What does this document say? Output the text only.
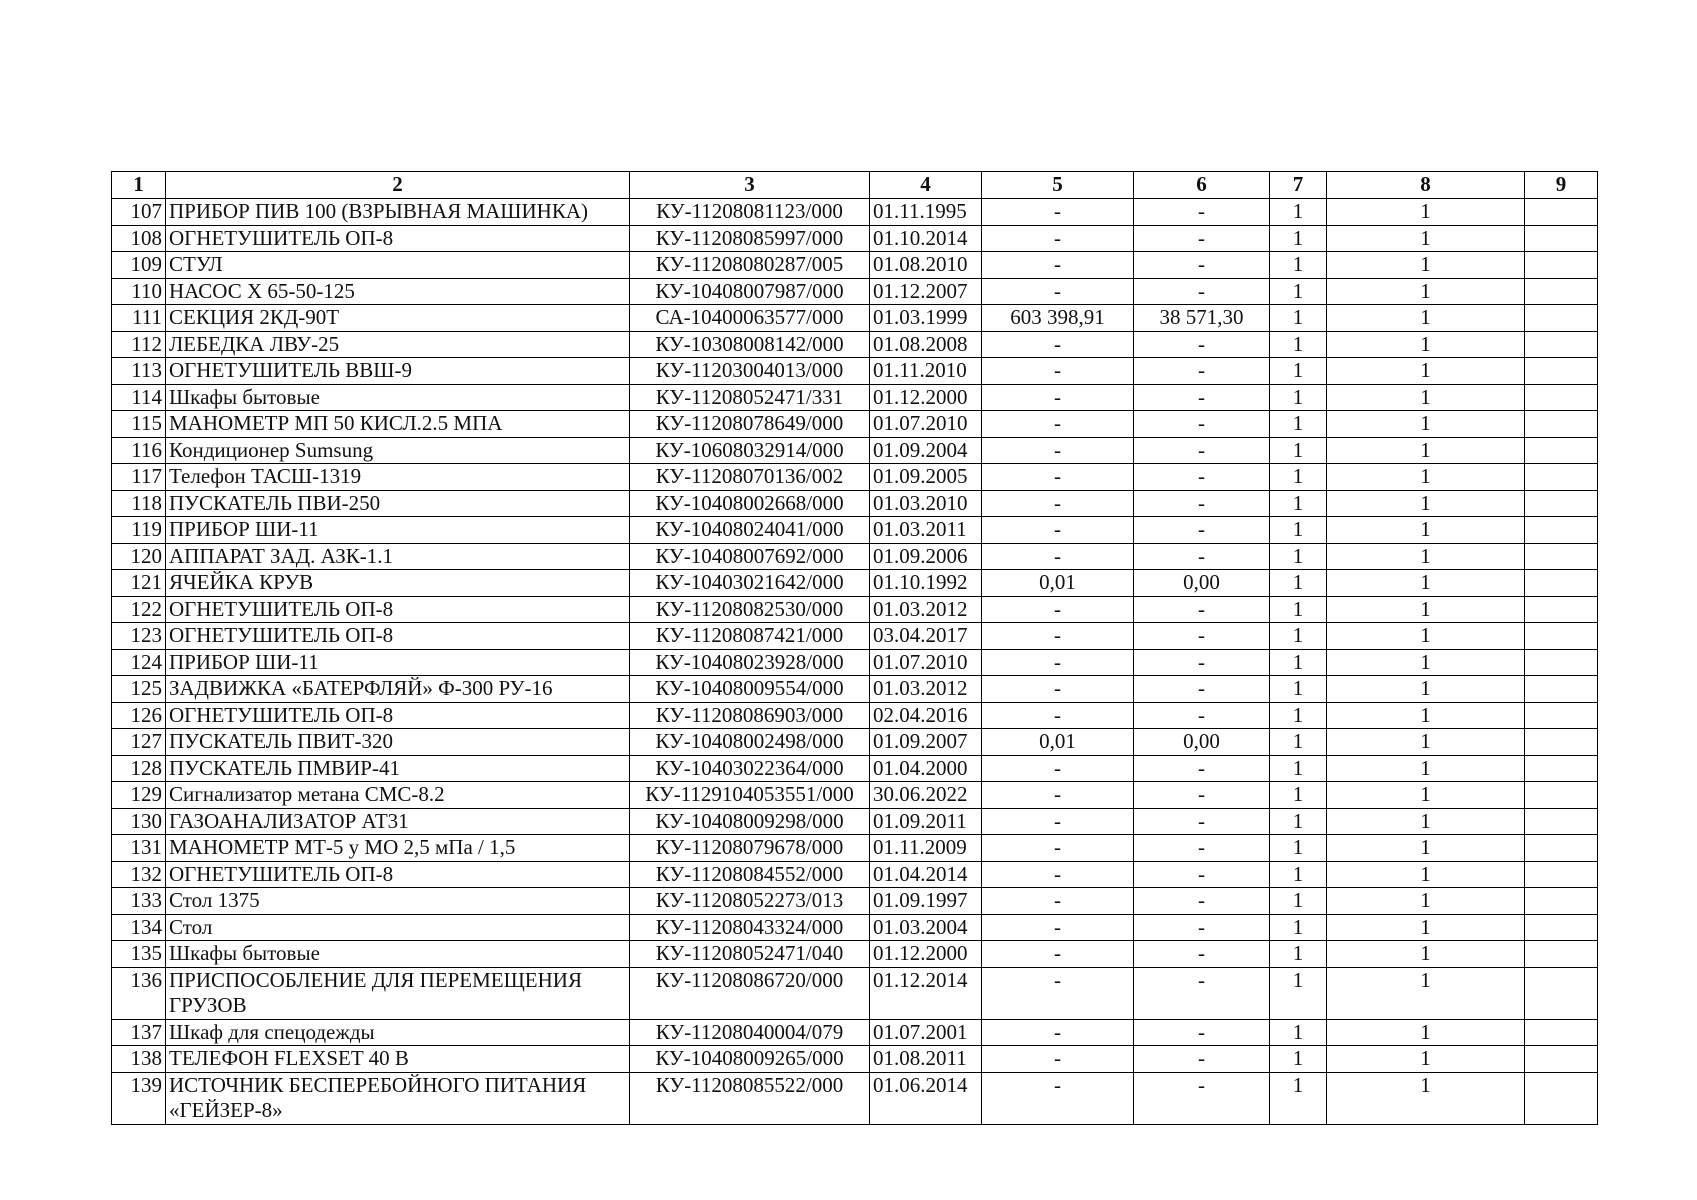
1	2	3	4	5	6	7	8	9
107	ПРИБОР ПИВ 100 (ВЗРЫВНАЯ МАШИНКА)	КУ-11208081123/000	01.11.1995	-	-	1	1	
108	ОГНЕТУШИТЕЛЬ ОП-8	КУ-11208085997/000	01.10.2014	-	-	1	1	
109	СТУЛ	КУ-11208080287/005	01.08.2010	-	-	1	1	
110	НАСОС Х 65-50-125	КУ-10408007987/000	01.12.2007	-	-	1	1	
111	СЕКЦИЯ 2КД-90Т	СА-10400063577/000	01.03.1999	603 398,91	38 571,30	1	1	
112	ЛЕБЕДКА ЛВУ-25	КУ-10308008142/000	01.08.2008	-	-	1	1	
113	ОГНЕТУШИТЕЛЬ ВВШ-9	КУ-11203004013/000	01.11.2010	-	-	1	1	
114	Шкафы бытовые	КУ-11208052471/331	01.12.2000	-	-	1	1	
115	МАНОМЕТР МП 50 КИСЛ.2.5 МПА	КУ-11208078649/000	01.07.2010	-	-	1	1	
116	Кондиционер Sumsung	КУ-10608032914/000	01.09.2004	-	-	1	1	
117	Телефон ТАСШ-1319	КУ-11208070136/002	01.09.2005	-	-	1	1	
118	ПУСКАТЕЛЬ ПВИ-250	КУ-10408002668/000	01.03.2010	-	-	1	1	
119	ПРИБОР ШИ-11	КУ-10408024041/000	01.03.2011	-	-	1	1	
120	АППАРАТ ЗАД. АЗК-1.1	КУ-10408007692/000	01.09.2006	-	-	1	1	
121	ЯЧЕЙКА КРУВ	КУ-10403021642/000	01.10.1992	0,01	0,00	1	1	
122	ОГНЕТУШИТЕЛЬ ОП-8	КУ-11208082530/000	01.03.2012	-	-	1	1	
123	ОГНЕТУШИТЕЛЬ ОП-8	КУ-11208087421/000	03.04.2017	-	-	1	1	
124	ПРИБОР ШИ-11	КУ-10408023928/000	01.07.2010	-	-	1	1	
125	ЗАДВИЖКА «БАТЕРФЛЯЙ» Ф-300 РУ-16	КУ-10408009554/000	01.03.2012	-	-	1	1	
126	ОГНЕТУШИТЕЛЬ ОП-8	КУ-11208086903/000	02.04.2016	-	-	1	1	
127	ПУСКАТЕЛЬ ПВИТ-320	КУ-10408002498/000	01.09.2007	0,01	0,00	1	1	
128	ПУСКАТЕЛЬ ПМВИР-41	КУ-10403022364/000	01.04.2000	-	-	1	1	
129	Сигнализатор метана СМС-8.2	КУ-1129104053551/000	30.06.2022	-	-	1	1	
130	ГАЗОАНАЛИЗАТОР АТ31	КУ-10408009298/000	01.09.2011	-	-	1	1	
131	МАНОМЕТР МТ-5 у МО 2,5 мПа / 1,5	КУ-11208079678/000	01.11.2009	-	-	1	1	
132	ОГНЕТУШИТЕЛЬ ОП-8	КУ-11208084552/000	01.04.2014	-	-	1	1	
133	Стол 1375	КУ-11208052273/013	01.09.1997	-	-	1	1	
134	Стол	КУ-11208043324/000	01.03.2004	-	-	1	1	
135	Шкафы бытовые	КУ-11208052471/040	01.12.2000	-	-	1	1	
136	ПРИСПОСОБЛЕНИЕ ДЛЯ ПЕРЕМЕЩЕНИЯ ГРУЗОВ	КУ-11208086720/000	01.12.2014	-	-	1	1	
137	Шкаф для спецодежды	КУ-11208040004/079	01.07.2001	-	-	1	1	
138	ТЕЛЕФОН FLEXSET 40 В	КУ-10408009265/000	01.08.2011	-	-	1	1	
139	ИСТОЧНИК БЕСПЕРЕБОЙНОГО ПИТАНИЯ «ГЕЙЗЕР-8»	КУ-11208085522/000	01.06.2014	-	-	1	1	
